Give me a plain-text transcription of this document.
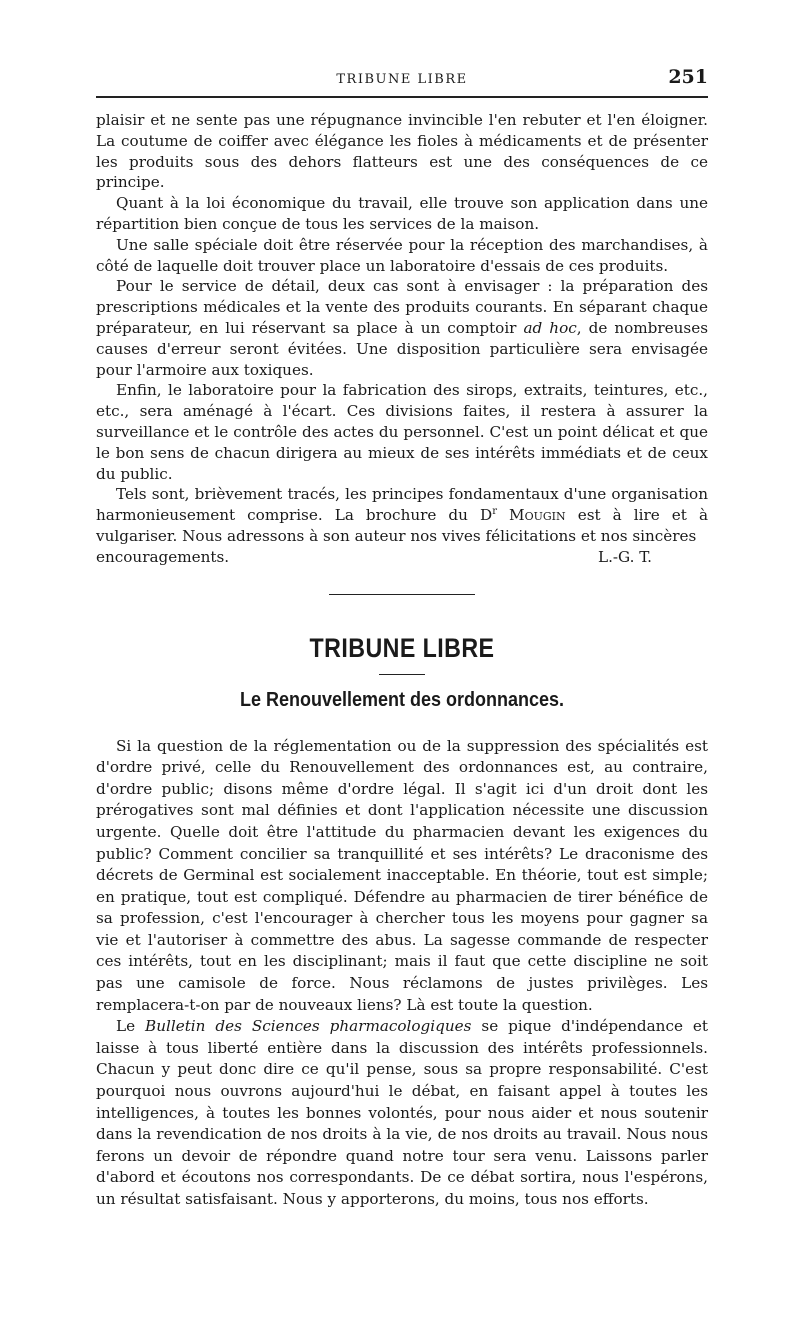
TRIBUNE LIBRE	251

plaisir et ne sente pas une répugnance invincible l'en rebuter et l'en éloigner. La coutume de coiffer avec élégance les fioles à médicaments et de présenter les produits sous des dehors flatteurs est une des conséquences de ce principe.

Quant à la loi économique du travail, elle trouve son application dans une répartition bien conçue de tous les services de la maison.

Une salle spéciale doit être réservée pour la réception des marchandises, à côté de laquelle doit trouver place un laboratoire d'essais de ces produits.

Pour le service de détail, deux cas sont à envisager : la préparation des prescriptions médicales et la vente des produits courants. En séparant chaque préparateur, en lui réservant sa place à un comptoir ad hoc, de nombreuses causes d'erreur seront évitées. Une disposition particulière sera envisagée pour l'armoire aux toxiques.

Enfin, le laboratoire pour la fabrication des sirops, extraits, teintures, etc., etc., sera aménagé à l'écart. Ces divisions faites, il restera à assurer la surveillance et le contrôle des actes du personnel. C'est un point délicat et que le bon sens de chacun dirigera au mieux de ses intérêts immédiats et de ceux du public.

Tels sont, brièvement tracés, les principes fondamentaux d'une organisation harmonieusement comprise. La brochure du $D^r$ Mougin est à lire et à vulgariser. Nous adressons à son auteur nos vives félicitations et nos sincères

encouragements.	L.-G. T.
TRIBUNE LIBRE
Le Renouvellement des ordonnances.

Si la question de la réglementation ou de la suppression des spécialités est d'ordre privé, celle du Renouvellement des ordonnances est, au contraire, d'ordre public; disons même d'ordre légal. Il s'agit ici d'un droit dont les prérogatives sont mal définies et dont l'application nécessite une discussion urgente. Quelle doit être l'attitude du pharmacien devant les exigences du public? Comment concilier sa tranquillité et ses intérêts? Le draconisme des décrets de Germinal est socialement inacceptable. En théorie, tout est simple; en pratique, tout est compliqué. Défendre au pharmacien de tirer bénéfice de sa profession, c'est l'encourager à chercher tous les moyens pour gagner sa vie et l'autoriser à commettre des abus. La sagesse commande de respecter ces intérêts, tout en les disciplinant; mais il faut que cette discipline ne soit pas une camisole de force. Nous réclamons de justes privilèges. Les remplacera-t-on par de nouveaux liens? Là est toute la question.

Le Bulletin des Sciences pharmacologiques se pique d'indépendance et laisse à tous liberté entière dans la discussion des intérêts professionnels. Chacun y peut donc dire ce qu'il pense, sous sa propre responsabilité. C'est pourquoi nous ouvrons aujourd'hui le débat, en faisant appel à toutes les intelligences, à toutes les bonnes volontés, pour nous aider et nous soutenir dans la revendication de nos droits à la vie, de nos droits au travail. Nous nous ferons un devoir de répondre quand notre tour sera venu. Laissons parler d'abord et écoutons nos correspondants. De ce débat sortira, nous l'espérons, un résultat satisfaisant. Nous y apporterons, du moins, tous nos efforts.
